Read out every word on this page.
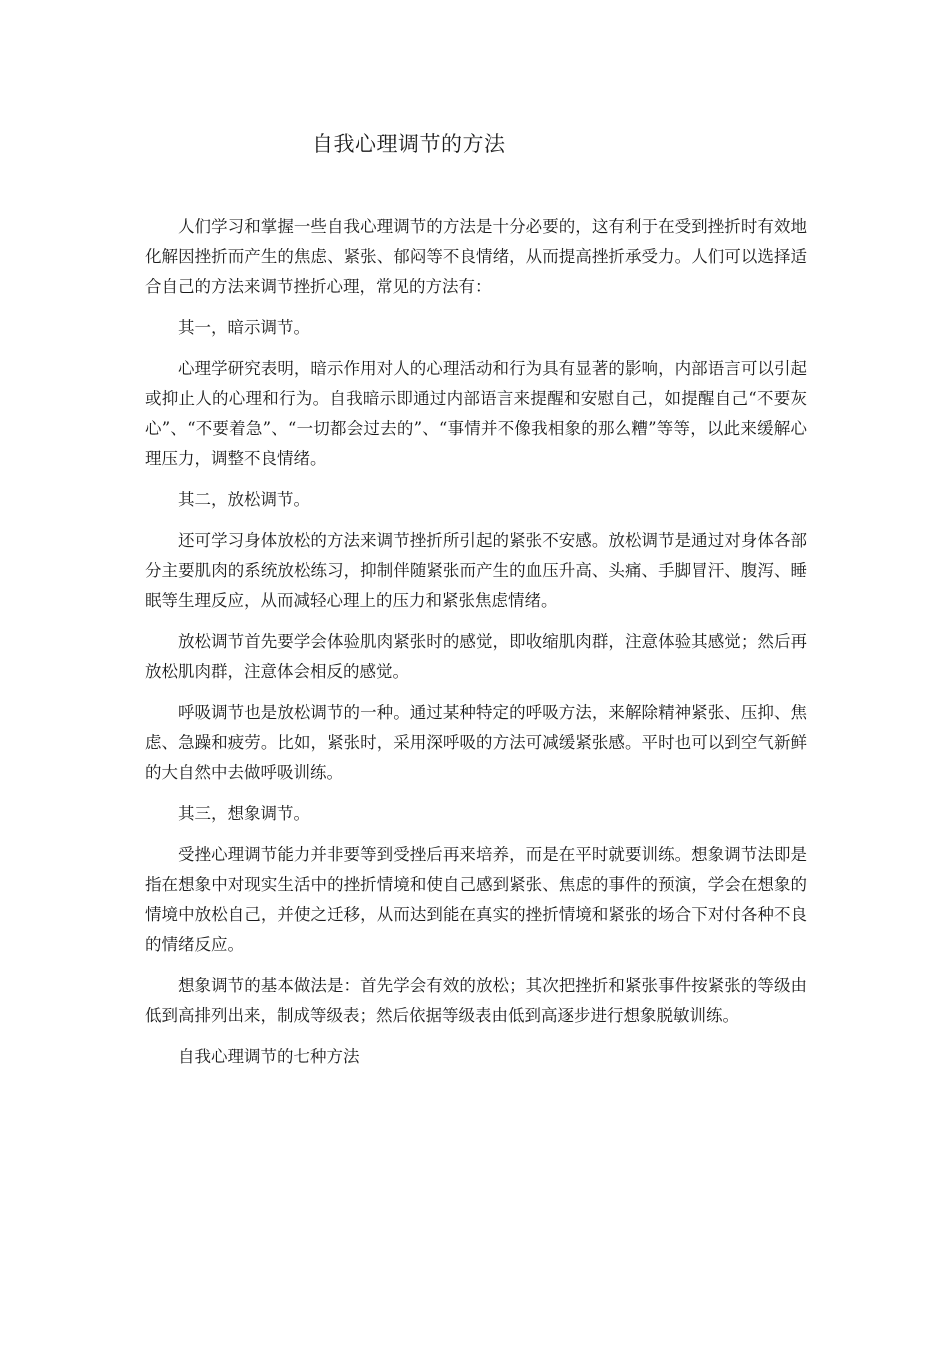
自我心理调节的方法

人们学习和掌握一些自我心理调节的方法是十分必要的，这有利于在受到挫折时有效地化解因挫折而产生的焦虑、紧张、郁闷等不良情绪，从而提高挫折承受力。人们可以选择适合自己的方法来调节挫折心理，常见的方法有：

其一，暗示调节。

心理学研究表明，暗示作用对人的心理活动和行为具有显著的影响，内部语言可以引起或抑止人的心理和行为。自我暗示即通过内部语言来提醒和安慰自己，如提醒自己“不要灰心”、“不要着急”、“一切都会过去的”、“事情并不像我相象的那么糟”等等，以此来缓解心理压力，调整不良情绪。

其二，放松调节。

还可学习身体放松的方法来调节挫折所引起的紧张不安感。放松调节是通过对身体各部分主要肌肉的系统放松练习，抑制伴随紧张而产生的血压升高、头痛、手脚冒汗、腹泻、睡眠等生理反应，从而减轻心理上的压力和紧张焦虑情绪。

放松调节首先要学会体验肌肉紧张时的感觉，即收缩肌肉群，注意体验其感觉；然后再放松肌肉群，注意体会相反的感觉。

呼吸调节也是放松调节的一种。通过某种特定的呼吸方法，来解除精神紧张、压抑、焦虑、急躁和疲劳。比如，紧张时，采用深呼吸的方法可减缓紧张感。平时也可以到空气新鲜的大自然中去做呼吸训练。

其三，想象调节。

受挫心理调节能力并非要等到受挫后再来培养，而是在平时就要训练。想象调节法即是指在想象中对现实生活中的挫折情境和使自己感到紧张、焦虑的事件的预演，学会在想象的情境中放松自己，并使之迁移，从而达到能在真实的挫折情境和紧张的场合下对付各种不良的情绪反应。

想象调节的基本做法是：首先学会有效的放松；其次把挫折和紧张事件按紧张的等级由低到高排列出来，制成等级表；然后依据等级表由低到高逐步进行想象脱敏训练。

自我心理调节的七种方法
